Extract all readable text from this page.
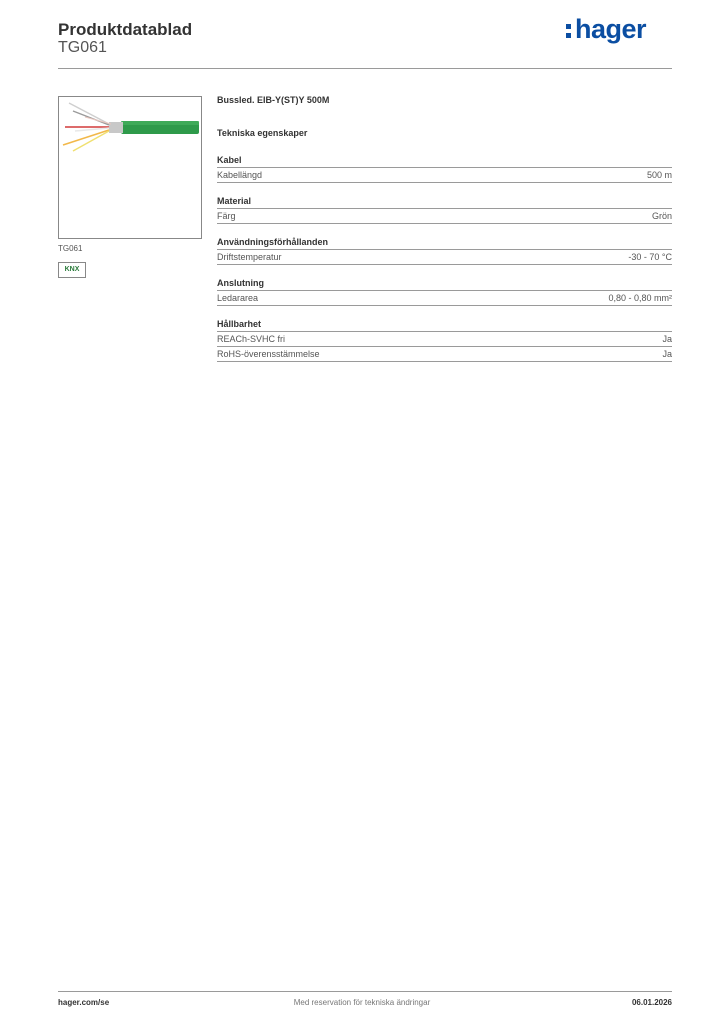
Produktdatablad
TG061
hager
TG061
KNX
Bussled. EIB-Y(ST)Y 500M
Tekniska egenskaper
Kabel
Kabellängd	500 m
Material
Färg	Grön
Användningsförhållanden
Driftstemperatur	-30 - 70 °C
Anslutning
Ledararea	0,80 - 0,80 mm²
Hållbarhet
REACh-SVHC fri	Ja
RoHS-överensstämmelse	Ja
hager.com/se	Med reservation för tekniska ändringar	06.01.2026
